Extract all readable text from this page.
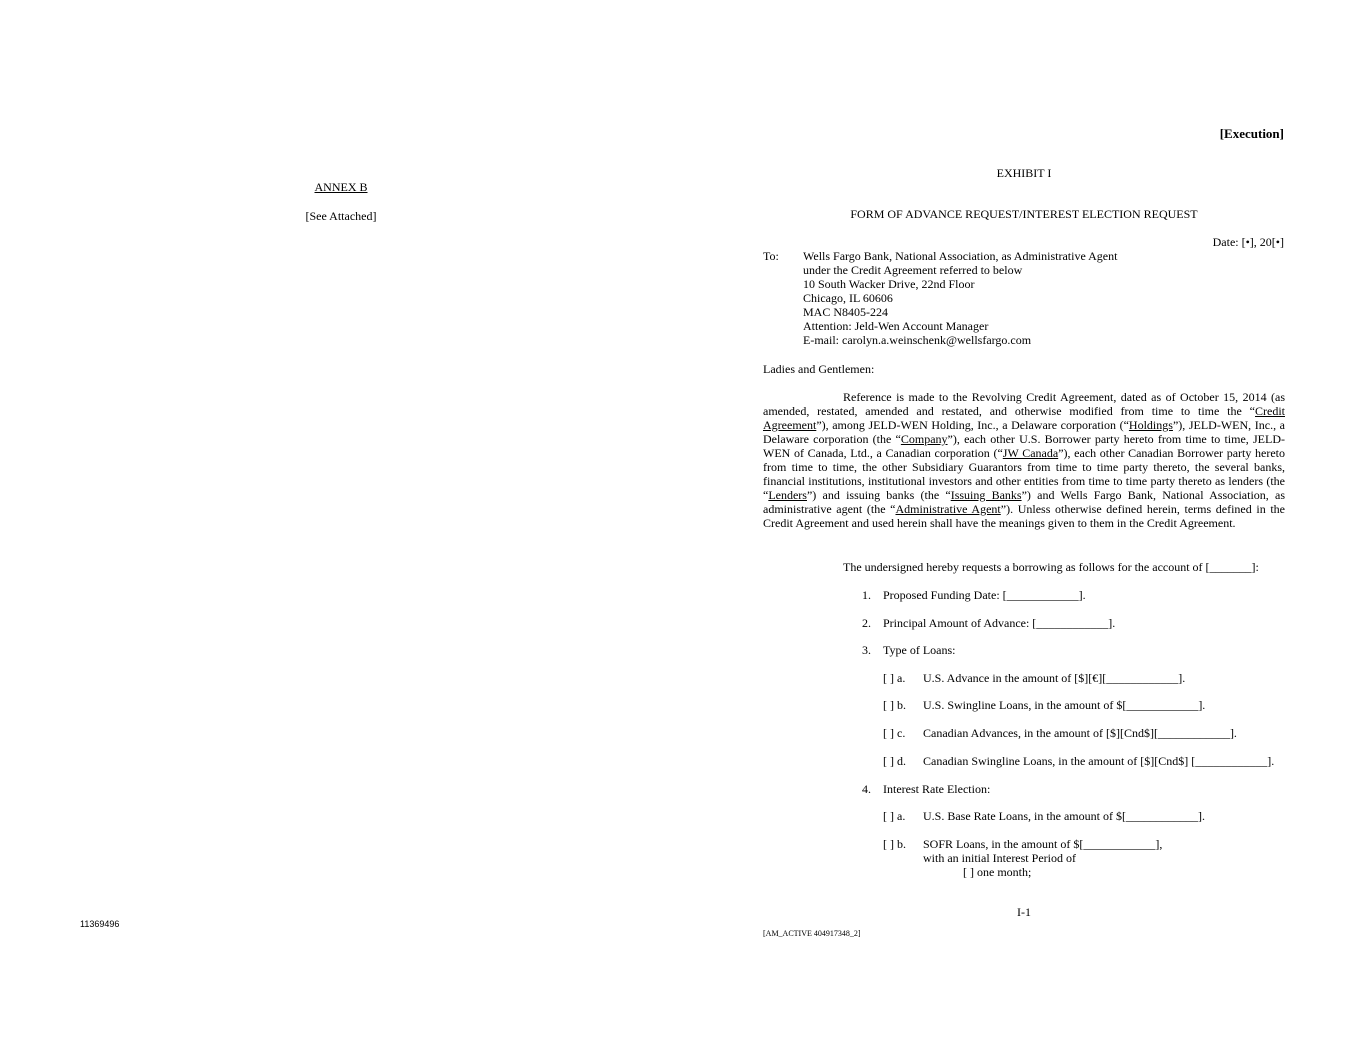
ANNEX B
[See Attached]
11369496
[Execution]
EXHIBIT I
FORM OF ADVANCE REQUEST/INTEREST ELECTION REQUEST
Date: [•], 20[•]
To: Wells Fargo Bank, National Association, as Administrative Agent
under the Credit Agreement referred to below
10 South Wacker Drive, 22nd Floor
Chicago, IL 60606
MAC N8405-224
Attention: Jeld-Wen Account Manager
E-mail: carolyn.a.weinschenk@wellsfargo.com
Ladies and Gentlemen:
Reference is made to the Revolving Credit Agreement, dated as of October 15, 2014 (as amended, restated, amended and restated, and otherwise modified from time to time the “Credit Agreement”), among JELD-WEN Holding, Inc., a Delaware corporation (“Holdings”), JELD-WEN, Inc., a Delaware corporation (the “Company”), each other U.S. Borrower party hereto from time to time, JELD-WEN of Canada, Ltd., a Canadian corporation (“JW Canada”), each other Canadian Borrower party hereto from time to time, the other Subsidiary Guarantors from time to time party thereto, the several banks, financial institutions, institutional investors and other entities from time to time party thereto as lenders (the “Lenders”) and issuing banks (the “Issuing Banks”) and Wells Fargo Bank, National Association, as administrative agent (the “Administrative Agent”). Unless otherwise defined herein, terms defined in the Credit Agreement and used herein shall have the meanings given to them in the Credit Agreement.
The undersigned hereby requests a borrowing as follows for the account of [_______]:
1. Proposed Funding Date: [____________].
2. Principal Amount of Advance: [____________].
3. Type of Loans:
[ ] a. U.S. Advance in the amount of [$][€][____________].
[ ] b. U.S. Swingline Loans, in the amount of $[____________].
[ ] c. Canadian Advances, in the amount of [$][Cnd$][____________].
[ ] d. Canadian Swingline Loans, in the amount of [$][Cnd$] [____________].
4. Interest Rate Election:
[ ] a. U.S. Base Rate Loans, in the amount of $[____________].
[ ] b. SOFR Loans, in the amount of $[____________],
with an initial Interest Period of
[ ] one month;
I-1
[AM_ACTIVE 404917348_2]
